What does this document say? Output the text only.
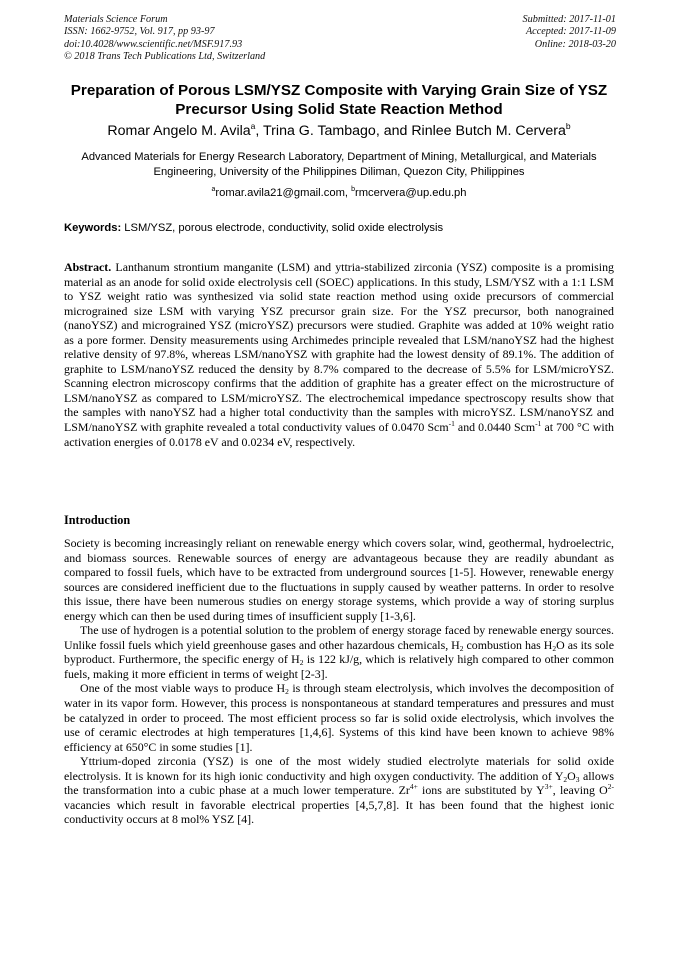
Materials Science Forum
ISSN: 1662-9752, Vol. 917, pp 93-97
doi:10.4028/www.scientific.net/MSF.917.93
© 2018 Trans Tech Publications Ltd, Switzerland
Submitted: 2017-11-01
Accepted: 2017-11-09
Online: 2018-03-20
Preparation of Porous LSM/YSZ Composite with Varying Grain Size of YSZ Precursor Using Solid State Reaction Method
Romar Angelo M. Avila$^a$, Trina G. Tambago, and Rinlee Butch M. Cervera$^b$
Advanced Materials for Energy Research Laboratory, Department of Mining, Metallurgical, and Materials Engineering, University of the Philippines Diliman, Quezon City, Philippines
$^a$romar.avila21@gmail.com, $^b$rmcervera@up.edu.ph
Keywords: LSM/YSZ, porous electrode, conductivity, solid oxide electrolysis

Abstract. Lanthanum strontium manganite (LSM) and yttria-stabilized zirconia (YSZ) composite is a promising material as an anode for solid oxide electrolysis cell (SOEC) applications. In this study, LSM/YSZ with a 1:1 LSM to YSZ weight ratio was synthesized via solid state reaction method using oxide precursors of commercial micrograined size LSM with varying YSZ precursor grain size. For the YSZ precursor, both nanograined (nanoYSZ) and micrograined YSZ (microYSZ) precursors were studied. Graphite was added at 10% weight ratio as a pore former. Density measurements using Archimedes principle revealed that LSM/nanoYSZ had the highest relative density of 97.8%, whereas LSM/nanoYSZ with graphite had the lowest density of 89.1%. The addition of graphite to LSM/nanoYSZ reduced the density by 8.7% compared to the decrease of 5.5% for LSM/microYSZ. Scanning electron microscopy confirms that the addition of graphite has a greater effect on the microstructure of LSM/nanoYSZ as compared to LSM/microYSZ. The electrochemical impedance spectroscopy results show that the samples with nanoYSZ had a higher total conductivity than the samples with microYSZ. LSM/nanoYSZ and LSM/nanoYSZ with graphite revealed a total conductivity values of 0.0470 Scm$^{-1}$ and 0.0440 Scm$^{-1}$ at 700 °C with activation energies of 0.0178 eV and 0.0234 eV, respectively.

Introduction

Society is becoming increasingly reliant on renewable energy which covers solar, wind, geothermal, hydroelectric, and biomass sources. Renewable sources of energy are advantageous because they are readily abundant as compared to fossil fuels, which have to be extracted from underground sources [1-5]. However, renewable energy sources are considered inefficient due to the fluctuations in supply caused by weather patterns. In order to resolve this issue, there have been numerous studies on energy storage systems, which provide a way of storing surplus energy which can then be used during times of insufficient supply [1-3,6].

The use of hydrogen is a potential solution to the problem of energy storage faced by renewable energy sources. Unlike fossil fuels which yield greenhouse gases and other hazardous chemicals, $H_2$ combustion has $H_2O$ as its sole byproduct. Furthermore, the specific energy of $H_2$ is 122 kJ/g, which is relatively high compared to other common fuels, making it more efficient in terms of weight [2-3].

One of the most viable ways to produce $H_2$ is through steam electrolysis, which involves the decomposition of water in its vapor form. However, this process is nonspontaneous at standard temperatures and pressures and must be catalyzed in order to proceed. The most efficient process so far is solid oxide electrolysis, which involves the use of ceramic electrodes at high temperatures [1,4,6]. Systems of this kind have been known to achieve 98% efficiency at 650°C in some studies [1].

Yttrium-doped zirconia (YSZ) is one of the most widely studied electrolyte materials for solid oxide electrolysis. It is known for its high ionic conductivity and high oxygen conductivity. The addition of $Y_2O_3$ allows the transformation into a cubic phase at a much lower temperature. $Zr^{4+}$ ions are substituted by $Y^{3+}$, leaving $O^{2-}$ vacancies which result in favorable electrical properties [4,5,7,8]. It has been found that the highest ionic conductivity occurs at 8 mol% YSZ [4].
